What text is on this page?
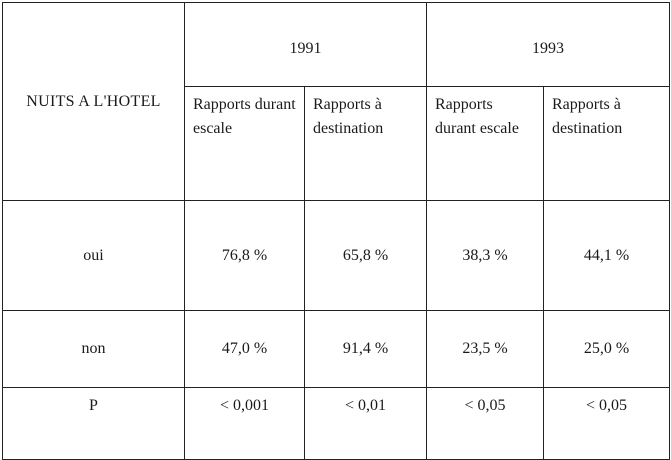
NUITS A L'HOTEL	1991		1993	
	Rapports durant escale	Rapports à destination	Rapports durant escale	Rapports à destination
oui	76,8 %	65,8 %	38,3 %	44,1 %
non	47,0 %	91,4 %	23,5 %	25,0 %
P	< 0,001	< 0,01	< 0,05	< 0,05
